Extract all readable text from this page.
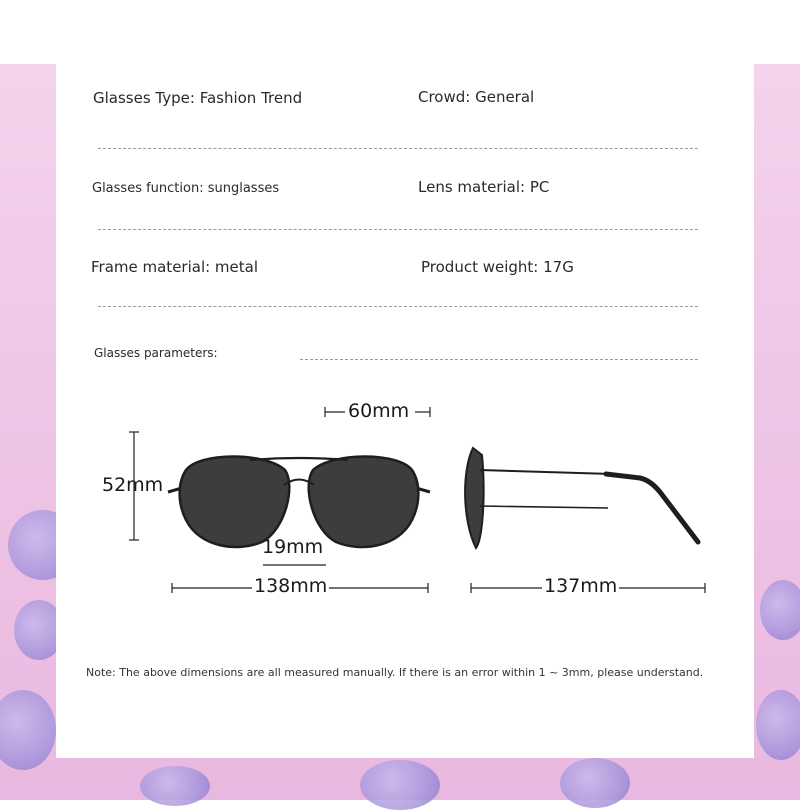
Glasses Type: Fashion Trend	Crowd: General
Glasses function: sunglasses	Lens material: PC
Frame material: metal	Product weight: 17G
Glasses parameters:
60mm
52mm
19mm
138mm	137mm
Note: The above dimensions are all measured manually. If there is an error within 1 ~ 3mm, please understand.
